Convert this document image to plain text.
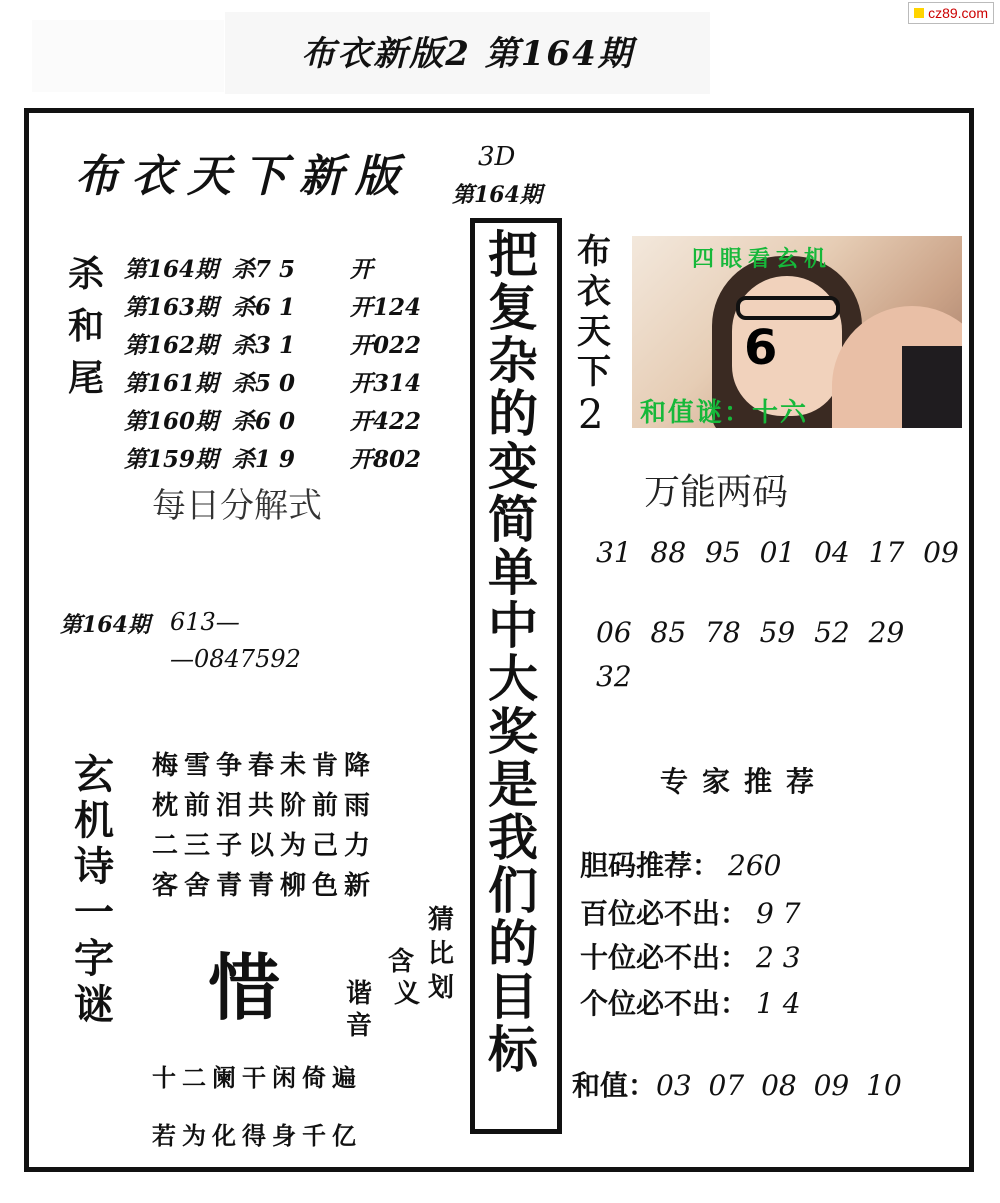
布衣新版2 第164期
cz89.com
布衣天下新版	3D
第164期
杀和尾
第164期 杀7 5	开
第163期 杀6 1	开124
第162期 杀3 1	开022
第161期 杀5 0	开314
第160期 杀6 0	开422
第159期 杀1 9	开802
每日分解式
第164期 613—
—0847592
玄机诗一字谜
梅雪争春未肯降
枕前泪共阶前雨
二三子以为己力
客舍青青柳色新
惜
猜
比
含
划
义
谐
音
十二阑干闲倚遍
若为化得身千亿
把复杂的变简单中大奖是我们的目标
布衣天下
2
四眼看玄机
6
和值谜：十六
万能两码
31 88 95 01 04 17 09
06 85 78 59 52 29
32
专家推荐
胆码推荐： 260
百位必不出： 9 7
十位必不出： 2 3
个位必不出： 1 4
和值：03 07 08 09 10
